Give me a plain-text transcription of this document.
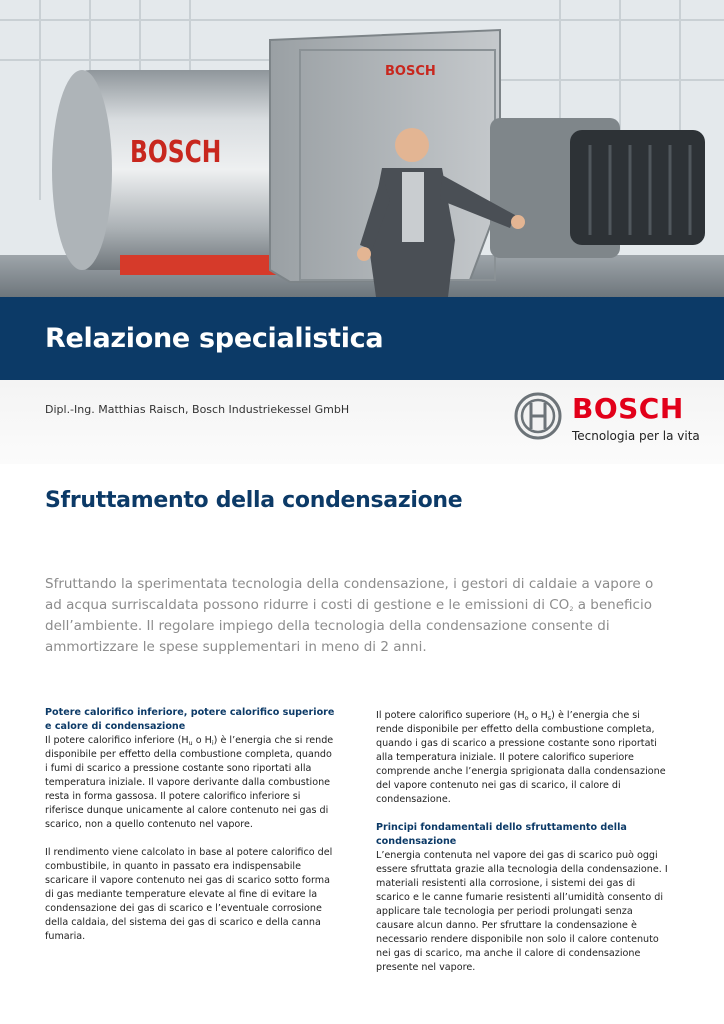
BOSCH
BOSCH
Relazione specialistica
Dipl.-Ing. Matthias Raisch, Bosch Industriekessel GmbH	BOSCH
Tecnologia per la vita
Sfruttamento della condensazione
Sfruttando la sperimentata tecnologia della condensazione, i gestori di caldaie a vapore o ad acqua surriscaldata possono ridurre i costi di gestione e le emissioni di $CO_2$ a beneficio dell’ambiente. Il regolare impiego della tecnologia della condensazione consente di ammortizzare le spese supplementari in meno di 2 anni.
Potere calorifico inferiore, potere calorifico superiore e calore di condensazione

Il potere calorifico inferiore ($H_u$ o $H_i$) è l’energia che si rende disponibile per effetto della combustione completa, quando i fumi di scarico a pressione costante sono riportati alla temperatura iniziale. Il vapore derivante dalla combustione resta in forma gassosa. Il potere calorifico inferiore si riferisce dunque unicamente al calore contenuto nei gas di scarico, non a quello contenuto nel vapore.

Il rendimento viene calcolato in base al potere calorifico del combustibile, in quanto in passato era indispensabile scaricare il vapore contenuto nei gas di scarico sotto forma di gas mediante temperature elevate al fine di evitare la condensazione dei gas di scarico e l’eventuale corrosione della caldaia, del sistema dei gas di scarico e della canna fumaria.

Il potere calorifico superiore ($H_o$ o $H_s$) è l’energia che si rende disponibile per effetto della combustione completa, quando i gas di scarico a pressione costante sono riportati alla temperatura iniziale. Il potere calorifico superiore comprende anche l’energia sprigionata dalla condensazione del vapore contenuto nei gas di scarico, il calore di condensazione.

Principi fondamentali dello sfruttamento della condensazione

L’energia contenuta nel vapore dei gas di scarico può oggi essere sfruttata grazie alla tecnologia della condensazione. I materiali resistenti alla corrosione, i sistemi dei gas di scarico e le canne fumarie resistenti all’umidità consento di applicare tale tecnologia per periodi prolungati senza causare alcun danno. Per sfruttare la condensazione è necessario rendere disponibile non solo il calore contenuto nei gas di scarico, ma anche il calore di condensazione presente nel vapore.
